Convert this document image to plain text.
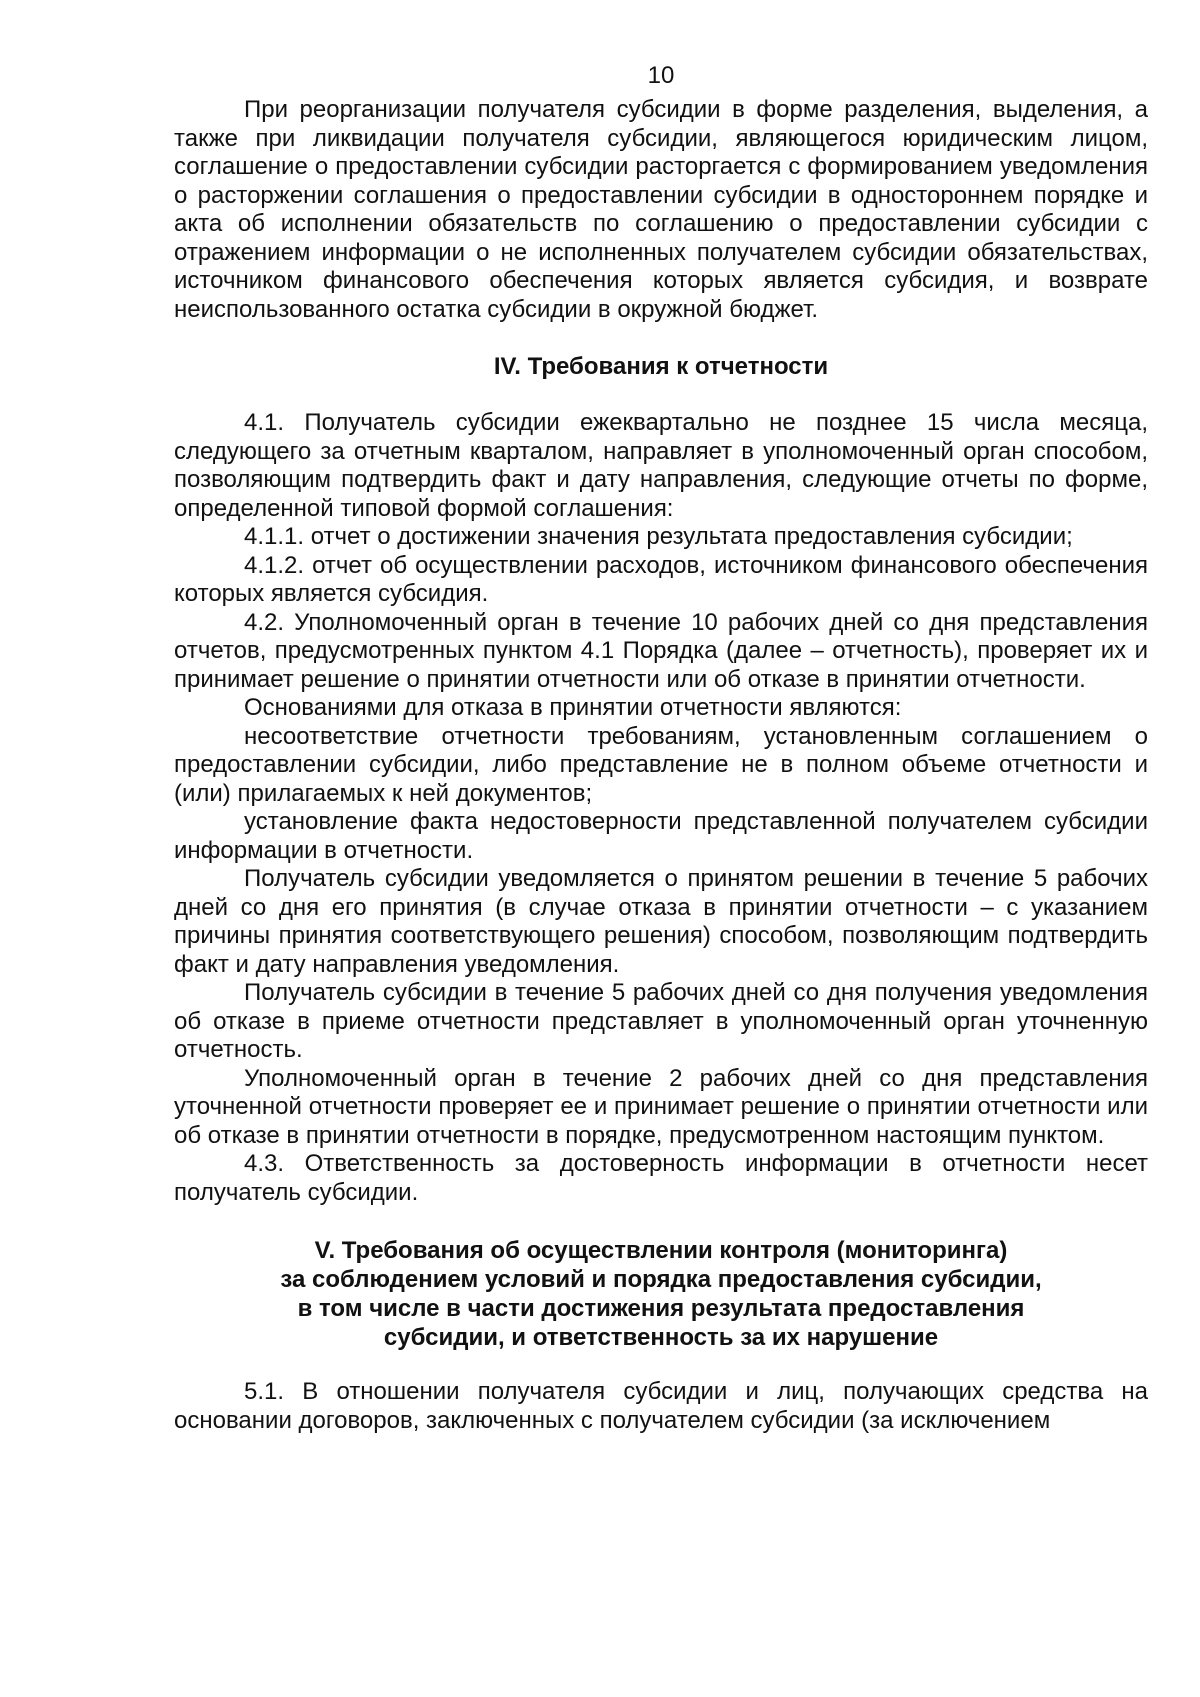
10

При реорганизации получателя субсидии в форме разделения, выделения, а также при ликвидации получателя субсидии, являющегося юридическим лицом, соглашение о предоставлении субсидии расторгается с формированием уведомления о расторжении соглашения о предоставлении субсидии в одностороннем порядке и акта об исполнении обязательств по соглашению о предоставлении субсидии с отражением информации о не исполненных получателем субсидии обязательствах, источником финансового обеспечения которых является субсидия, и возврате неиспользованного остатка субсидии в окружной бюджет.

IV. Требования к отчетности

4.1. Получатель субсидии ежеквартально не позднее 15 числа месяца, следующего за отчетным кварталом, направляет в уполномоченный орган способом, позволяющим подтвердить факт и дату направления, следующие отчеты по форме, определенной типовой формой соглашения:

4.1.1. отчет о достижении значения результата предоставления субсидии;

4.1.2. отчет об осуществлении расходов, источником финансового обеспечения которых является субсидия.

4.2. Уполномоченный орган в течение 10 рабочих дней со дня представления отчетов, предусмотренных пунктом 4.1 Порядка (далее – отчетность), проверяет их и принимает решение о принятии отчетности или об отказе в принятии отчетности.

Основаниями для отказа в принятии отчетности являются:

несоответствие отчетности требованиям, установленным соглашением о предоставлении субсидии, либо представление не в полном объеме отчетности и (или) прилагаемых к ней документов;

установление факта недостоверности представленной получателем субсидии информации в отчетности.

Получатель субсидии уведомляется о принятом решении в течение 5 рабочих дней со дня его принятия (в случае отказа в принятии отчетности – с указанием причины принятия соответствующего решения) способом, позволяющим подтвердить факт и дату направления уведомления.

Получатель субсидии в течение 5 рабочих дней со дня получения уведомления об отказе в приеме отчетности представляет в уполномоченный орган уточненную отчетность.

Уполномоченный орган в течение 2 рабочих дней со дня представления уточненной отчетности проверяет ее и принимает решение о принятии отчетности или об отказе в принятии отчетности в порядке, предусмотренном настоящим пунктом.

4.3. Ответственность за достоверность информации в отчетности несет получатель субсидии.

V. Требования об осуществлении контроля (мониторинга)
за соблюдением условий и порядка предоставления субсидии,
в том числе в части достижения результата предоставления
субсидии, и ответственность за их нарушение

5.1. В отношении получателя субсидии и лиц, получающих средства на основании договоров, заключенных с получателем субсидии (за исключением
